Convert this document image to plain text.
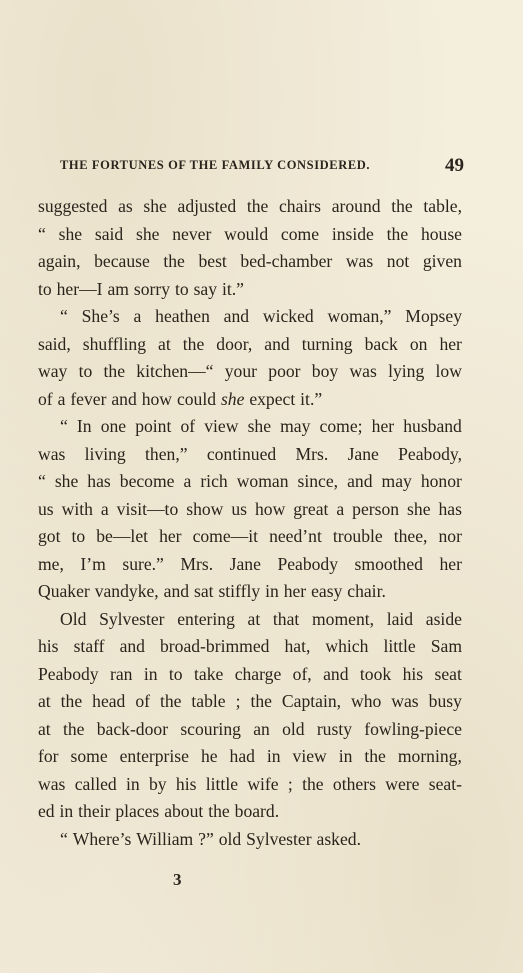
THE FORTUNES OF THE FAMILY CONSIDERED.	49
suggested as she adjusted the chairs around the table,
“ she said she never would come inside the house
again, because the best bed-chamber was not given
to her—I am sorry to say it.”
“ She’s a heathen and wicked woman,” Mopsey
said, shuffling at the door, and turning back on her
way to the kitchen—“ your poor boy was lying low
of a fever and how could she expect it.”
“ In one point of view she may come; her husband
was living then,” continued Mrs. Jane Peabody,
“ she has become a rich woman since, and may honor
us with a visit—to show us how great a person she has
got to be—let her come—it need’nt trouble thee, nor
me, I’m sure.” Mrs. Jane Peabody smoothed her
Quaker vandyke, and sat stiffly in her easy chair.
Old Sylvester entering at that moment, laid aside
his staff and broad-brimmed hat, which little Sam
Peabody ran in to take charge of, and took his seat
at the head of the table ; the Captain, who was busy
at the back-door scouring an old rusty fowling-piece
for some enterprise he had in view in the morning,
was called in by his little wife ; the others were seat-
ed in their places about the board.
“ Where’s William ?” old Sylvester asked.
3
